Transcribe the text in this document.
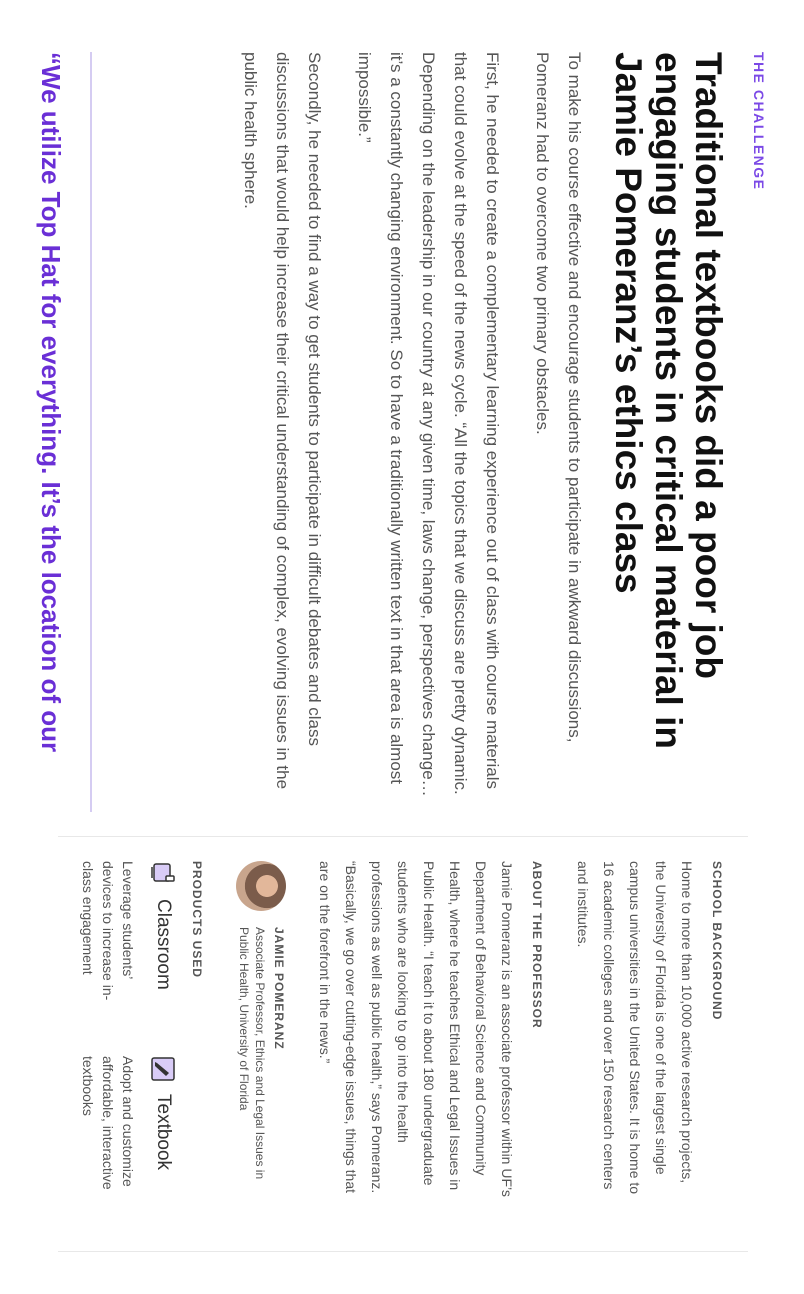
THE CHALLENGE
Traditional textbooks did a poor job engaging students in critical material in Jamie Pomeranz’s ethics class

To make his course effective and encourage students to participate in awkward discussions, Pomeranz had to overcome two primary obstacles.

First, he needed to create a complementary learning experience out of class with course materials that could evolve at the speed of the news cycle. “All the topics that we discuss are pretty dynamic. Depending on the leadership in our country at any given time, laws change, perspectives change…it’s a constantly changing environment. So to have a traditionally written text in that area is almost impossible.”

Secondly, he needed to find a way to get students to participate in difficult debates and class discussions that would help increase their critical understanding of complex, evolving issues in the public health sphere.

“We utilize Top Hat for everything. It’s the location of our
SCHOOL BACKGROUND

Home to more than 10,000 active research projects, the University of Florida is one of the largest single campus universities in the United States. It is home to 16 academic colleges and over 150 research centers and institutes.

ABOUT THE PROFESSOR

Jamie Pomeranz is an associate professor within UF’s Department of Behavioral Science and Community Health, where he teaches Ethical and Legal Issues in Public Health. “I teach it to about 180 undergraduate students who are looking to go into the health professions as well as public health,” says Pomeranz. “Basically, we go over cutting-edge issues, things that are on the forefront in the news.”

JAMIE POMERANZ
Associate Professor, Ethics and Legal Issues in Public Health, University of Florida
PRODUCTS USED
Classroom
Leverage students’ devices to increase in-class engagement
Textbook
Adopt and customize affordable, interactive textbooks
